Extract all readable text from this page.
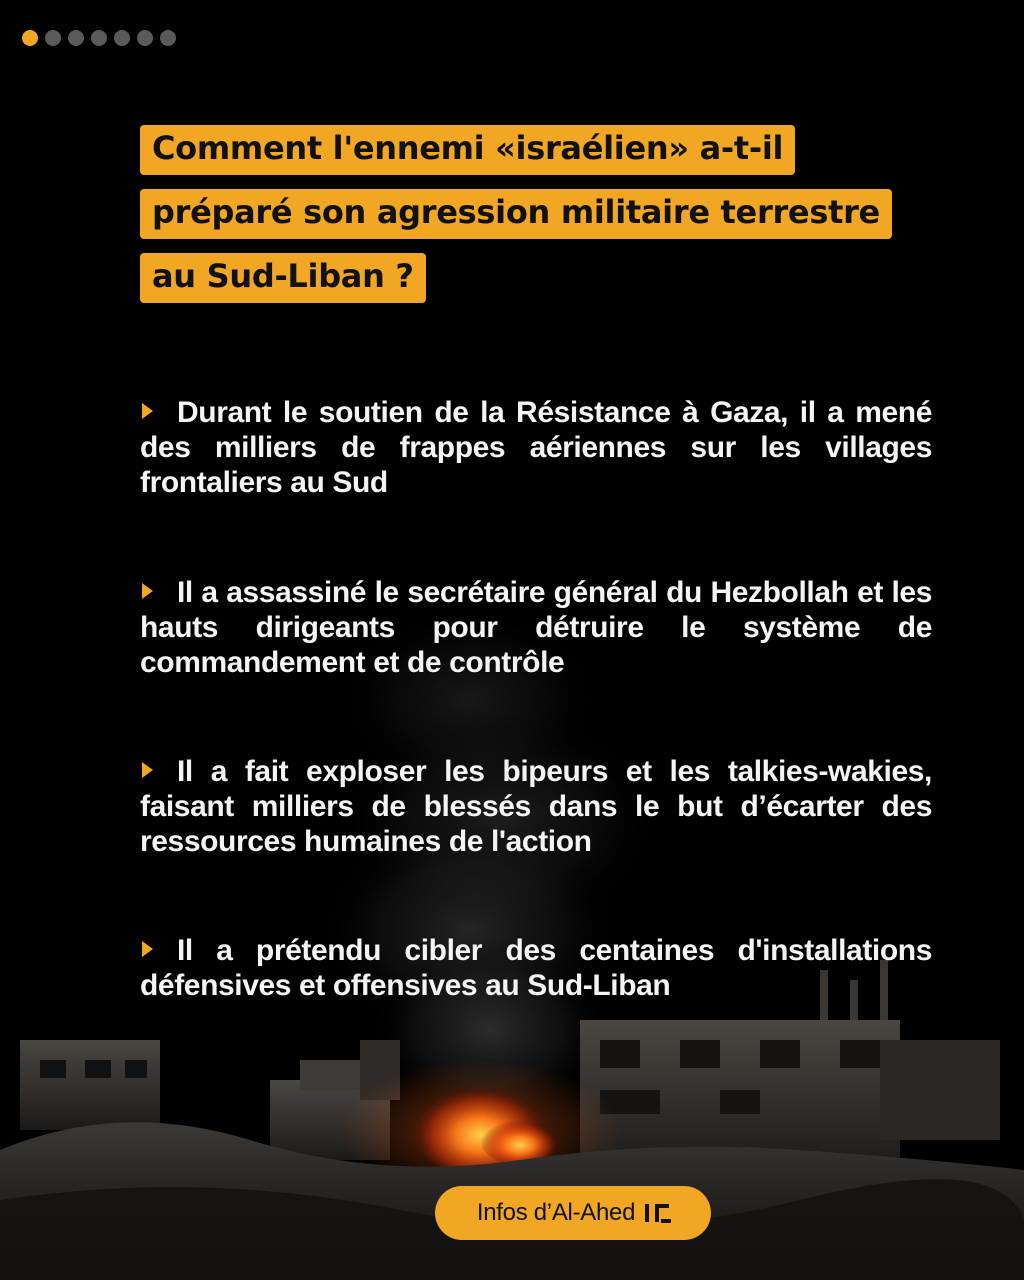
Comment l'ennemi «israélien» a-t-il
préparé son agression militaire terrestre
au Sud-Liban ?
Durant le soutien de la Résistance à Gaza, il a mené des milliers de frappes aériennes sur les villages frontaliers au Sud
Il a assassiné le secrétaire général du Hezbollah et les hauts dirigeants pour détruire le système de commandement et de contrôle
Il a fait exploser les bipeurs et les talkies-wakies, faisant milliers de blessés dans le but d’écarter des ressources humaines de l'action
Il a prétendu cibler des centaines d'installations défensives et offensives au Sud-Liban
Infos d’Al-Ahed
